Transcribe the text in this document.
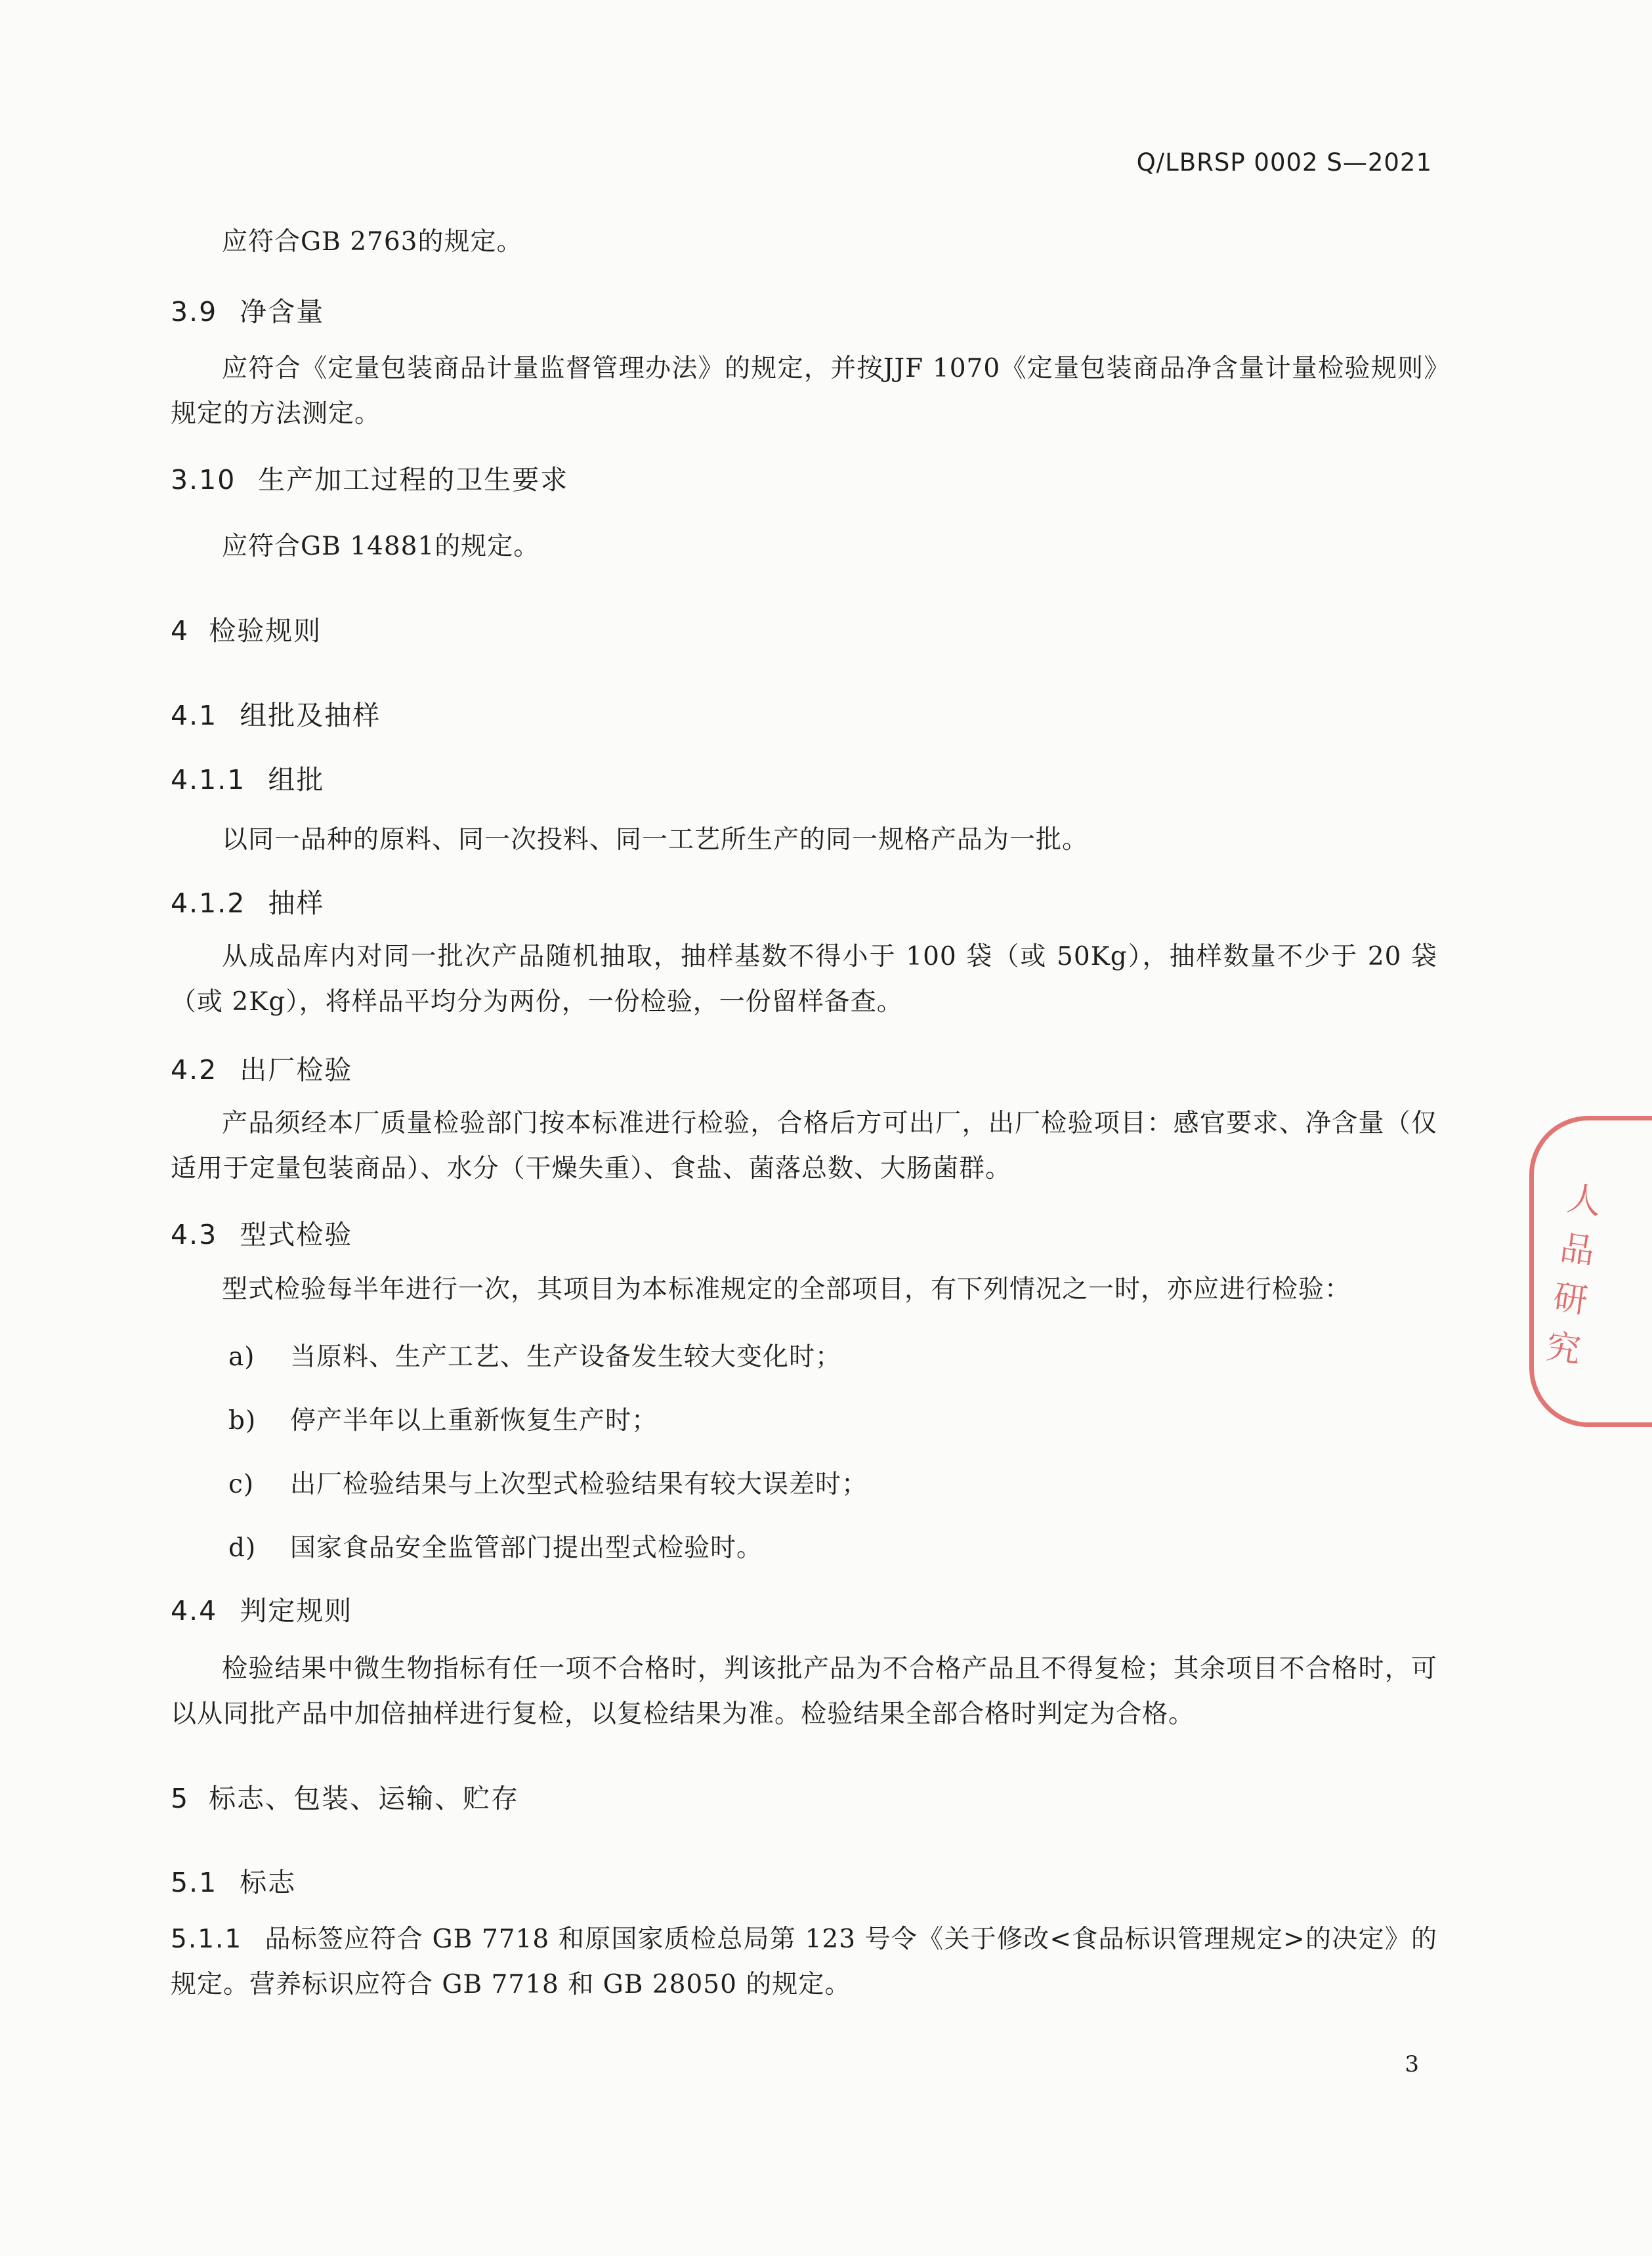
Q/LBRSP 0002 S—2021
应符合GB 2763的规定。
3.9 净含量
应符合《定量包装商品计量监督管理办法》的规定，并按JJF 1070《定量包装商品净含量计量检验规则》规定的方法测定。
3.10 生产加工过程的卫生要求
应符合GB 14881的规定。
4 检验规则
4.1 组批及抽样
4.1.1 组批
以同一品种的原料、同一次投料、同一工艺所生产的同一规格产品为一批。
4.1.2 抽样
从成品库内对同一批次产品随机抽取，抽样基数不得小于 100 袋（或 50Kg），抽样数量不少于 20 袋（或 2Kg），将样品平均分为两份，一份检验，一份留样备查。
4.2 出厂检验
产品须经本厂质量检验部门按本标准进行检验，合格后方可出厂，出厂检验项目：感官要求、净含量（仅适用于定量包装商品）、水分（干燥失重）、食盐、菌落总数、大肠菌群。
4.3 型式检验
型式检验每半年进行一次，其项目为本标准规定的全部项目，有下列情况之一时，亦应进行检验：
a) 当原料、生产工艺、生产设备发生较大变化时；
b) 停产半年以上重新恢复生产时；
c) 出厂检验结果与上次型式检验结果有较大误差时；
d) 国家食品安全监管部门提出型式检验时。
4.4 判定规则
检验结果中微生物指标有任一项不合格时，判该批产品为不合格产品且不得复检；其余项目不合格时，可以从同批产品中加倍抽样进行复检，以复检结果为准。检验结果全部合格时判定为合格。
5 标志、包装、运输、贮存
5.1 标志
5.1.1 品标签应符合 GB 7718 和原国家质检总局第 123 号令《关于修改<食品标识管理规定>的决定》的规定。营养标识应符合 GB 7718 和 GB 28050 的规定。
3
人品研究
